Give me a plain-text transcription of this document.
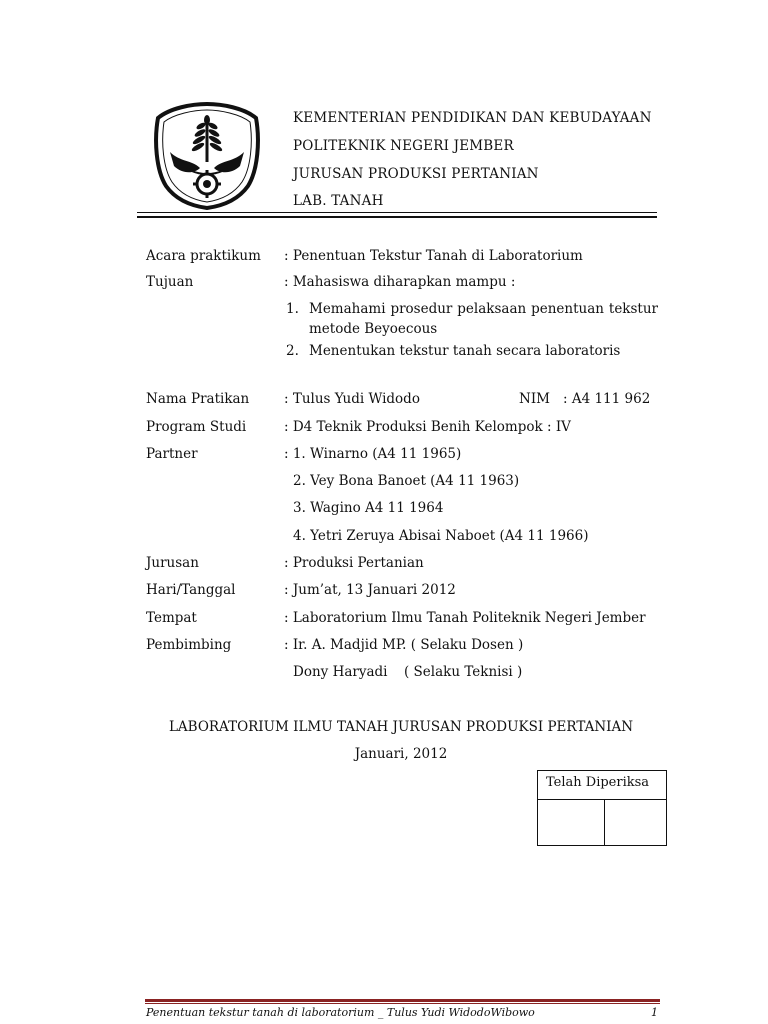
KEMENTERIAN PENDIDIKAN DAN KEBUDAYAAN
POLITEKNIK NEGERI JEMBER
JURUSAN PRODUKSI PERTANIAN
LAB. TANAH
Acara praktikum : Penentuan Tekstur Tanah di Laboratorium
Tujuan	: Mahasiswa diharapkan mampu :
1. Memahami prosedur pelaksaan penentuan tekstur
metode Beyoecous
2. Menentukan tekstur tanah secara laboratoris
Nama Pratikan	: Tulus Yudi Widodo	NIM : A4 111 962
Program Studi	: D4 Teknik Produksi Benih Kelompok : IV
Partner	: 1. Winarno (A4 11 1965)
2. Vey Bona Banoet (A4 11 1963)
3. Wagino A4 11 1964
4. Yetri Zeruya Abisai Naboet (A4 11 1966)
Jurusan	: Produksi Pertanian
Hari/Tanggal	: Jum’at, 13 Januari 2012
Tempat	: Laboratorium Ilmu Tanah Politeknik Negeri Jember
Pembimbing	: Ir. A. Madjid MP. ( Selaku Dosen )
Dony Haryadi ( Selaku Teknisi )
LABORATORIUM ILMU TANAH JURUSAN PRODUKSI PERTANIAN
Januari, 2012
Telah Diperiksa
Penentuan tekstur tanah di laboratorium _ Tulus Yudi WidodoWibowo	1
